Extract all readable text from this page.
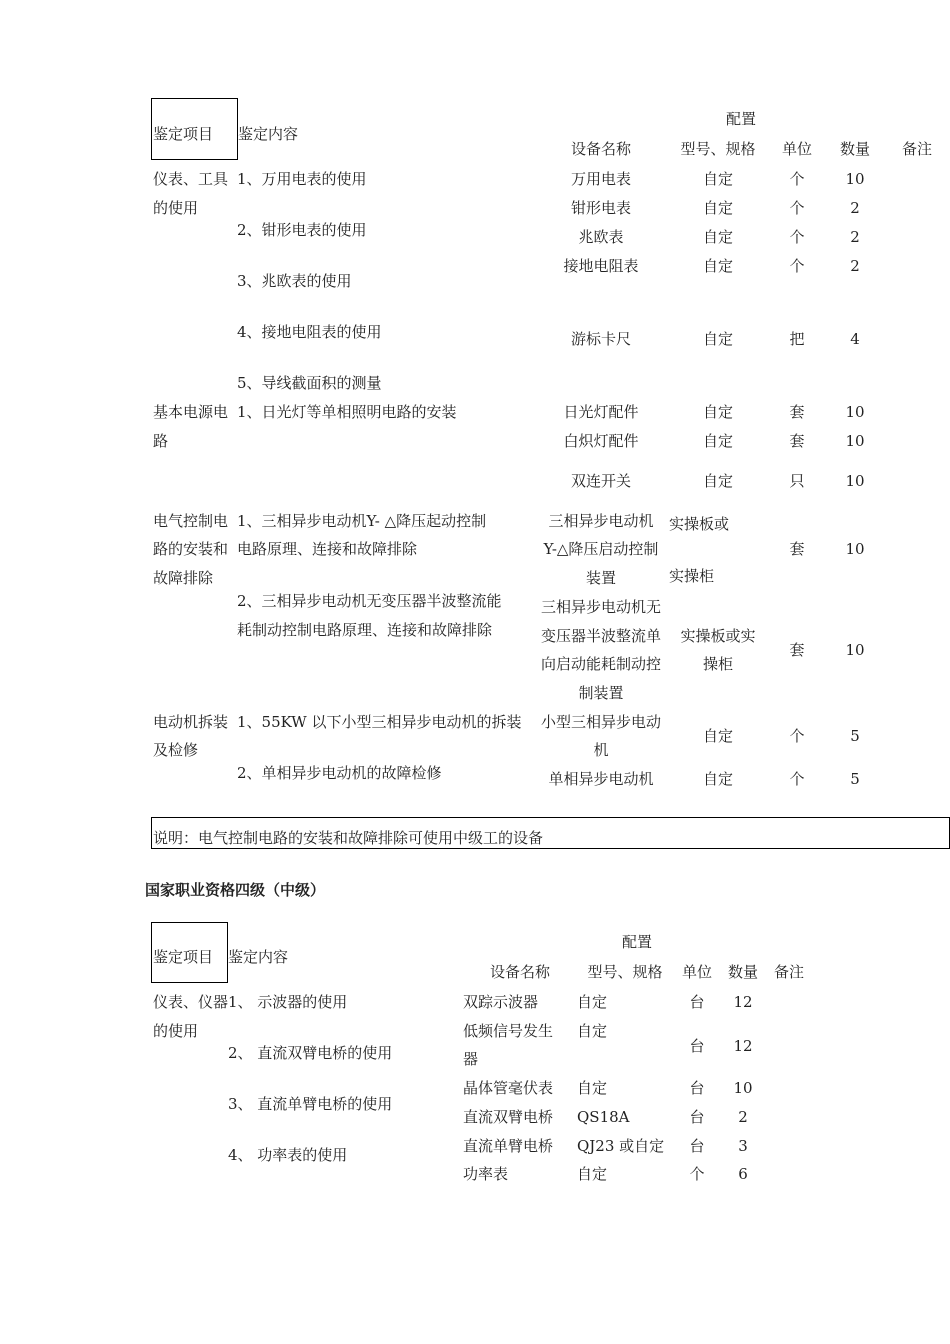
鉴定项目 鉴定内容
配置
设备名称	型号、规格 单位 数量 备注
仪表、工具
的使用
基本电源电
路
电气控制电
路的安装和
故障排除
电动机拆装
及检修
1、万用电表的使用
2、钳形电表的使用
3、兆欧表的使用
4、接地电阻表的使用
5、导线截面积的测量
1、日光灯等单相照明电路的安装
1、三相异步电动机Y- △降压起动控制
电路原理、连接和故障排除
2、三相异步电动机无变压器半波整流能
耗制动控制电路原理、连接和故障排除
1、55KW 以下小型三相异步电动机的拆装
2、单相异步电动机的故障检修
万用电表
钳形电表
兆欧表
接地电阻表
游标卡尺
日光灯配件
白炽灯配件
双连开关
三相异步电动机
Y-△降压启动控制
装置
三相异步电动机无
变压器半波整流单
向启动能耗制动控
制装置
小型三相异步电动
机
单相异步电动机
自定
自定
自定
自定
自定
自定
自定
自定
实操板或
实操柜
实操板或实
操柜
自定
自定
个
个
个
个
把
套
套
只
套
套
个
个
10
2
2
2
4
10
10
10
10
10
5
5
说明：电气控制电路的安装和故障排除可使用中级工的设备
国家职业资格四级（中级）
鉴定项目 鉴定内容
配置
设备名称 型号、规格 单位 数量 备注
仪表、仪器
的使用
1、 示波器的使用
2、 直流双臂电桥的使用
3、 直流单臂电桥的使用
4、 功率表的使用
双踪示波器
低频信号发生
器
晶体管毫伏表
直流双臂电桥
直流单臂电桥
功率表
自定
自定
自定
QS18A
QJ23 或自定
自定
台
台
台
台
台
个
12
12
10
2
3
6
